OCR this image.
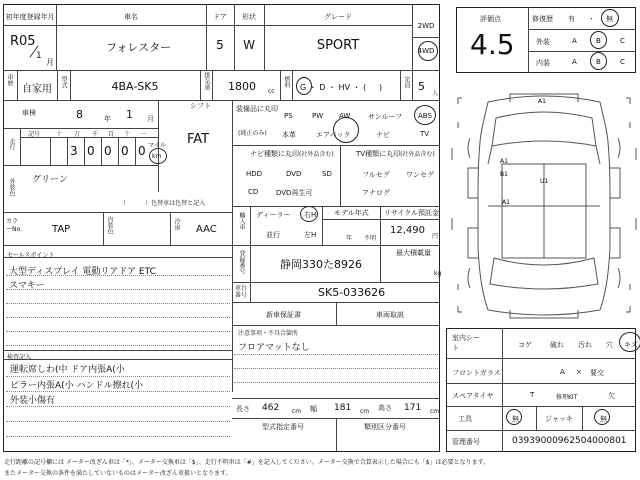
初年度登録年月
R05
1
月
車名
フォレスター
ドア
5
形状
W
グレード
SPORT
2WD
4WD
車歴
自家用
型式	4BA-SK5	排気量 1800 cc
燃料 G ・ D ・ HV ・ (     )	定員 5
人
車検	8	年 1 月
シフト
FAT
走行
記号	十 万 千 百 十 一
3 0 0 0 0 マイル
km
外装色 グリーン
（          ）色替車は色替と記入
カラーNo.	TAP	内装色	冷房 AAC
セールスポイント
大型ディスプレイ 電動リアドア ETC
スマキー
検査記入
運転席しわ(中 ドア内張A(小
ピラー内張A(小 ハンドル擦れ(小
外装小傷有
装備品に丸印
(純正のみ)
PS	PW AW	サンルーフ ABS
本革	エアバック	ナビ	TV
ナビ種類に丸印(社外品含む)	TV種類に丸印(社外品含む)
HDD	DVD	SD
CD	DVD再生可
フルセグ ワンセグ
アナログ
輸入車 ディーラー 右H
並行	左H
モデル年式
年 不明
リサイクル預託金
12,490
円
登録番号	静岡330た8926
最大積載量
kg
車台番号	SK5-033626
新車保証書	車両取説
注意事項・不具合箇所
フロアマットなし
長さ 462 cm 幅 181 cm 高さ 171 cm
型式指定番号	類別区分番号
評価点
4.5
修復歴 有 ・ 無
外装	A	B	C
内装	A	B	C
A1
A1
B1
U1
A1
室内シート	コゲ	破れ 汚れ 穴 キズ
フロントガラス	A × 要交
スペアタイヤ	T	修理KIT	欠
工具	無	ジャッキ	無
管理番号	03939000962504000801
走行距離の記号欄には メーター改ざん車は「*」、メーター交換車は「$」、走行不明車は「#」を記入してください。メーター交換で合算表示した場合にも「$」は必要となります。
またメーター交換の条件を満たしていないものはメーター改ざん車扱いとなります。
